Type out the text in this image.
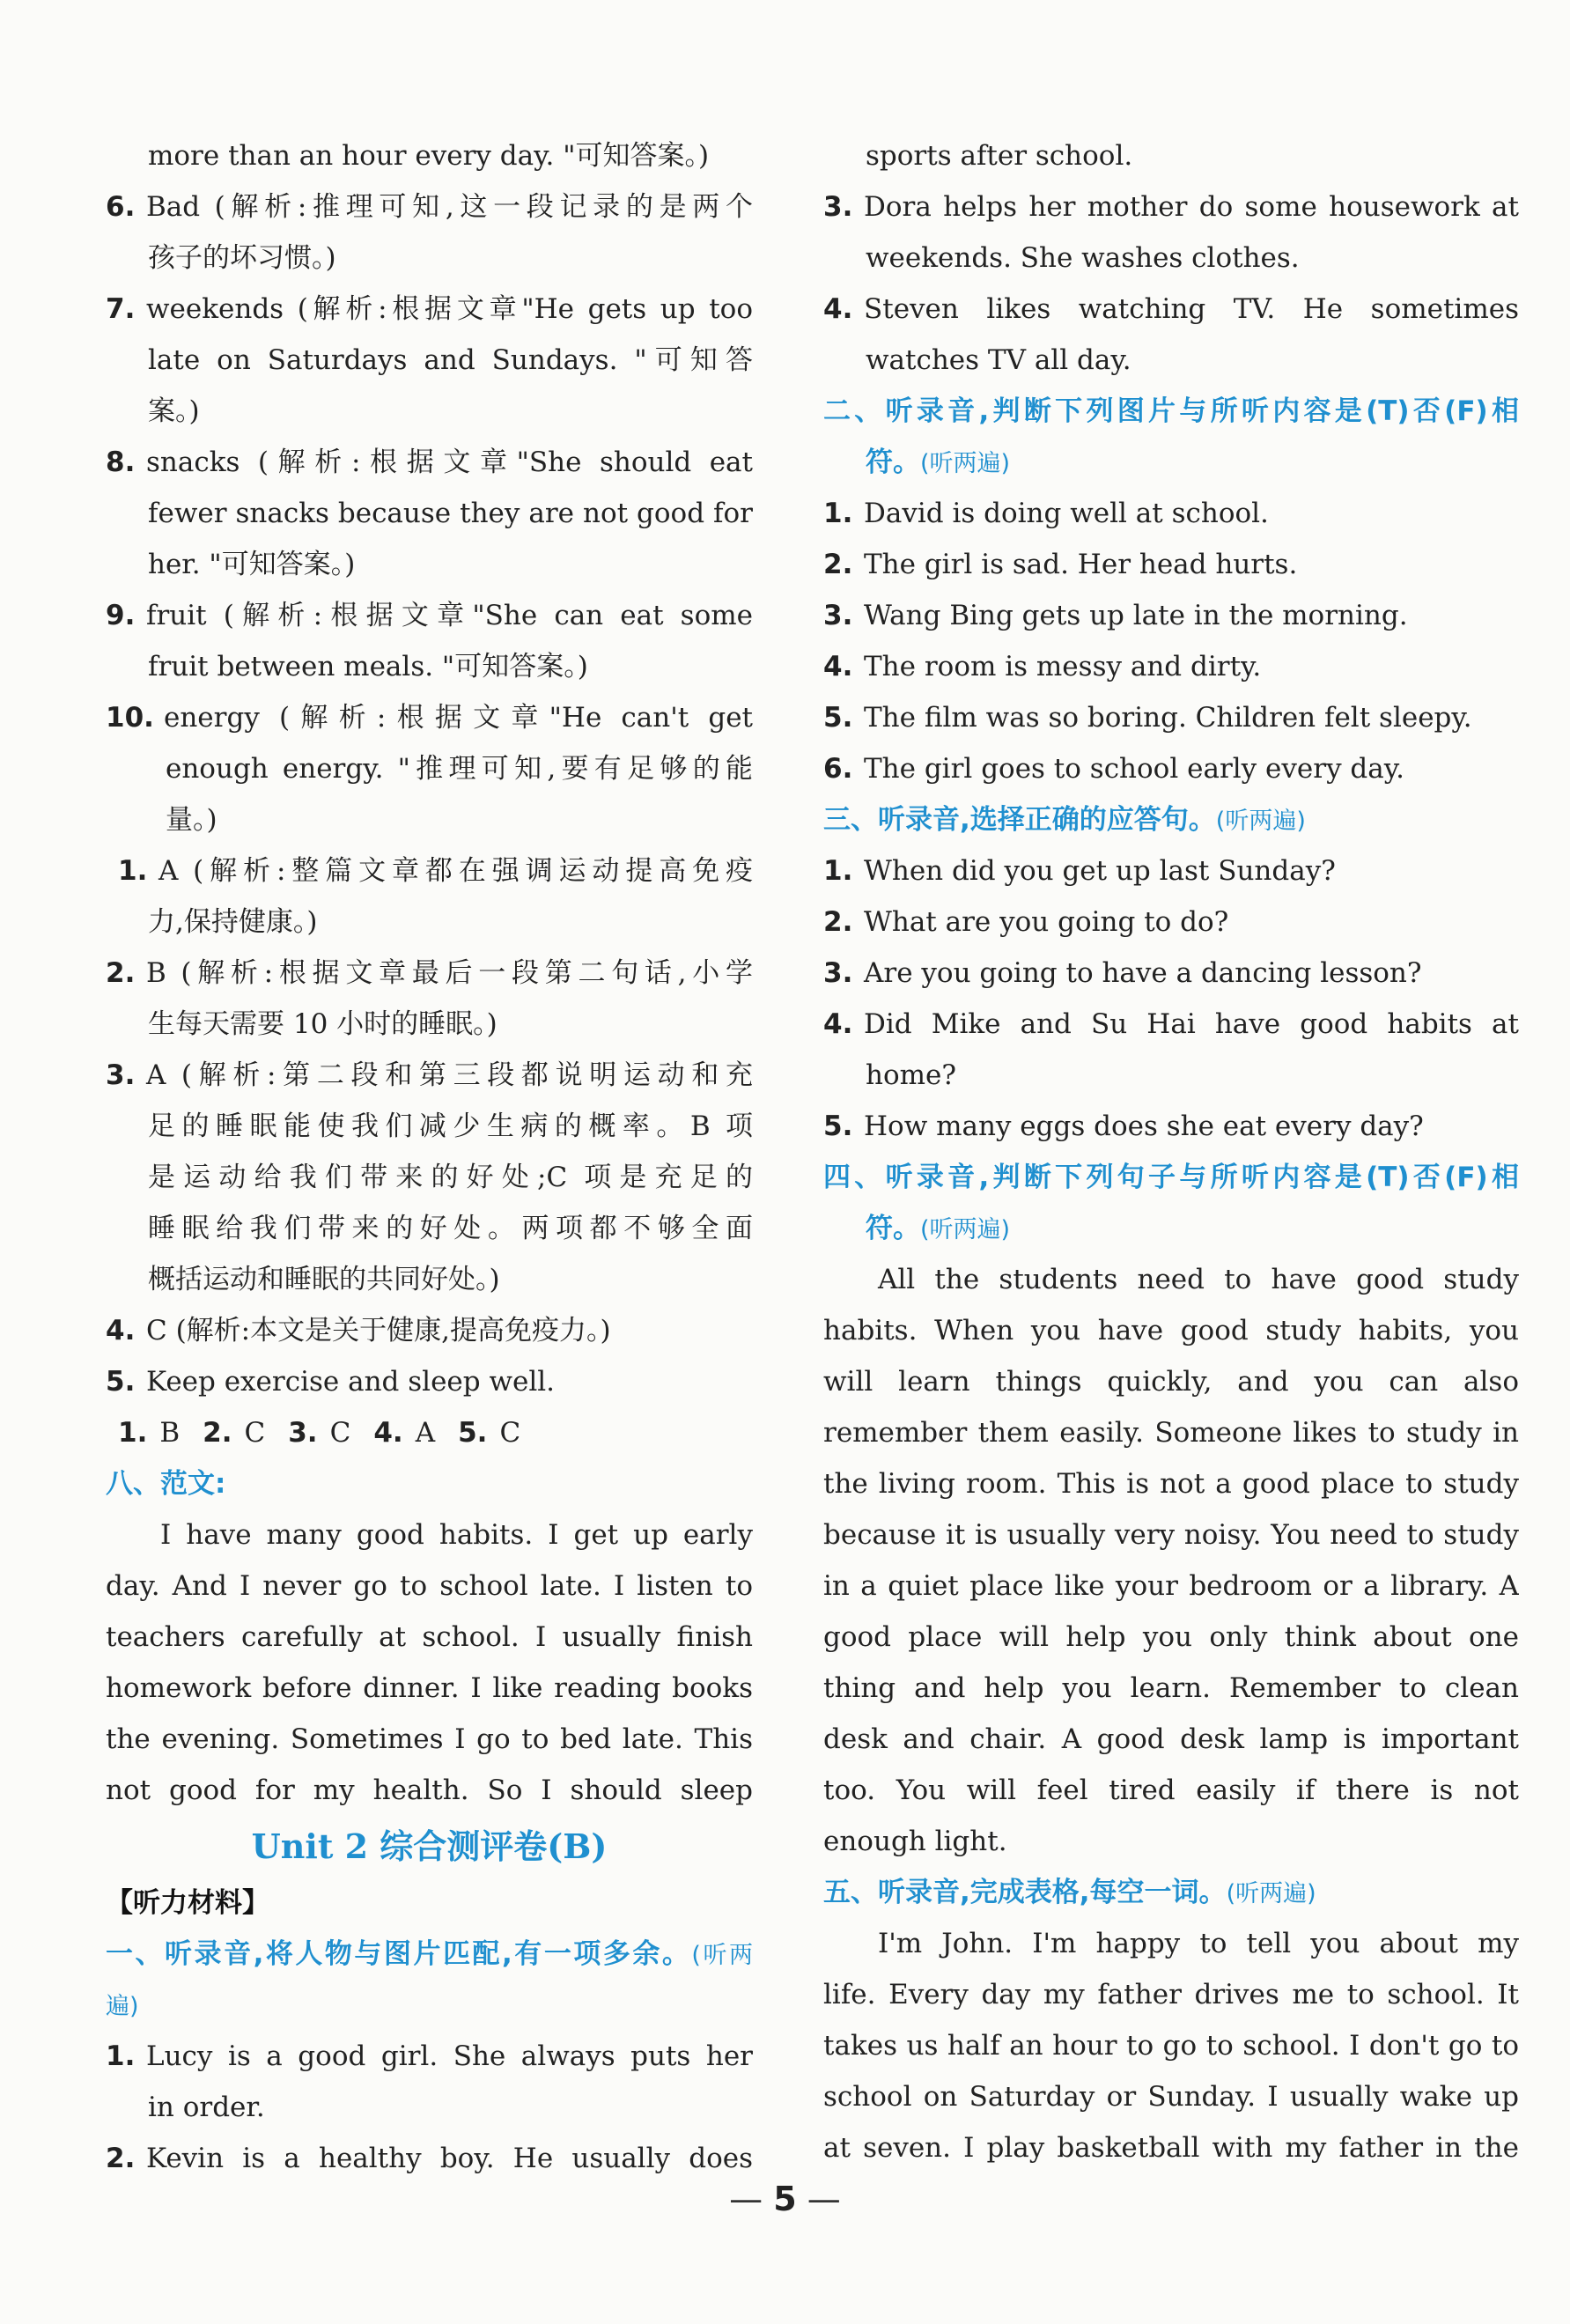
more than an hour every day. "可知答案。)
6. Bad (解析:推理可知,这一段记录的是两个
孩子的坏习惯。)
7. weekends (解析:根据文章"He gets up too
late on Saturdays and Sundays. "可知答
案。)
8. snacks (解析:根据文章"She should eat
fewer snacks because they are not good for
her. "可知答案。)
9. fruit (解析:根据文章"She can eat some
fruit between meals. "可知答案。)
10. energy (解析:根据文章"He can't get
enough energy. "推理可知,要有足够的能
量。)
1. A (解析:整篇文章都在强调运动提高免疫
力,保持健康。)
2. B (解析:根据文章最后一段第二句话,小学
生每天需要 10 小时的睡眠。)
3. A (解析:第二段和第三段都说明运动和充
足的睡眠能使我们减少生病的概率。B 项
是运动给我们带来的好处;C 项是充足的
睡眠给我们带来的好处。两项都不够全面
概括运动和睡眠的共同好处。)
4. C (解析:本文是关于健康,提高免疫力。)
5. Keep exercise and sleep well.
1. B 2. C 3. C 4. A 5. C
八、范文:
I have many good habits. I get up early
day. And I never go to school late. I listen to
teachers carefully at school. I usually finish
homework before dinner. I like reading books
the evening. Sometimes I go to bed late. This
not good for my health. So I should sleep
Unit 2 综合测评卷(B)
【听力材料】
一、听录音,将人物与图片匹配,有一项多余。(听两
遍)
1. Lucy is a good girl. She always puts her
in order.
2. Kevin is a healthy boy. He usually does
sports after school.
3. Dora helps her mother do some housework at
weekends. She washes clothes.
4. Steven likes watching TV. He sometimes
watches TV all day.
二、听录音,判断下列图片与所听内容是(T)否(F)相
符。(听两遍)
1. David is doing well at school.
2. The girl is sad. Her head hurts.
3. Wang Bing gets up late in the morning.
4. The room is messy and dirty.
5. The film was so boring. Children felt sleepy.
6. The girl goes to school early every day.
三、听录音,选择正确的应答句。(听两遍)
1. When did you get up last Sunday?
2. What are you going to do?
3. Are you going to have a dancing lesson?
4. Did Mike and Su Hai have good habits at
home?
5. How many eggs does she eat every day?
四、听录音,判断下列句子与所听内容是(T)否(F)相
符。(听两遍)
All the students need to have good study
habits. When you have good study habits, you
will learn things quickly, and you can also
remember them easily. Someone likes to study in
the living room. This is not a good place to study
because it is usually very noisy. You need to study
in a quiet place like your bedroom or a library. A
good place will help you only think about one
thing and help you learn. Remember to clean
desk and chair. A good desk lamp is important
too. You will feel tired easily if there is not
enough light.
五、听录音,完成表格,每空一词。(听两遍)
I'm John. I'm happy to tell you about my
life. Every day my father drives me to school. It
takes us half an hour to go to school. I don't go to
school on Saturday or Sunday. I usually wake up
at seven. I play basketball with my father in the
— 5 —
